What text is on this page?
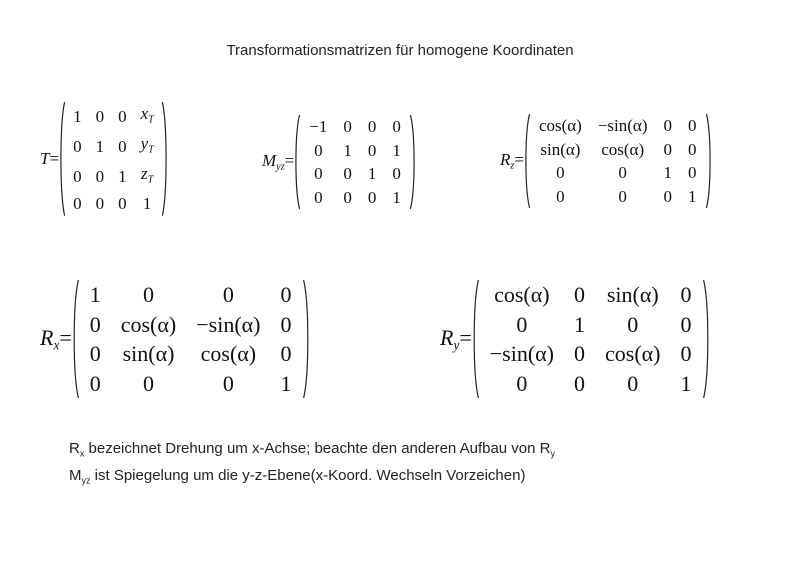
Transformationsmatrizen für homogene Koordinaten
T=
1	0	0	$x_T$
0	1	0	$y_T$
0	0	1	$z_T$
0	0	0	1
$M_{yz}=$
−1	0	0	0
0	1	0	1
0	0	1	0
0	0	0	1
$R_z=$
cos(α)	−sin(α)	0	0
sin(α)	cos(α)	0	0
0	0	1	0
0	0	0	1
$R_x=$
1	0	0	0
0	cos(α)	−sin(α)	0
0	sin(α)	cos(α)	0
0	0	0	1
$R_y=$
cos(α)	0	sin(α)	0
0	1	0	0
−sin(α)	0	cos(α)	0
0	0	0	1
$R_x$ bezeichnet Drehung um x-Achse; beachte den anderen Aufbau von $R_y$
$M_{yz}$ ist Spiegelung um die y-z-Ebene(x-Koord. Wechseln Vorzeichen)
